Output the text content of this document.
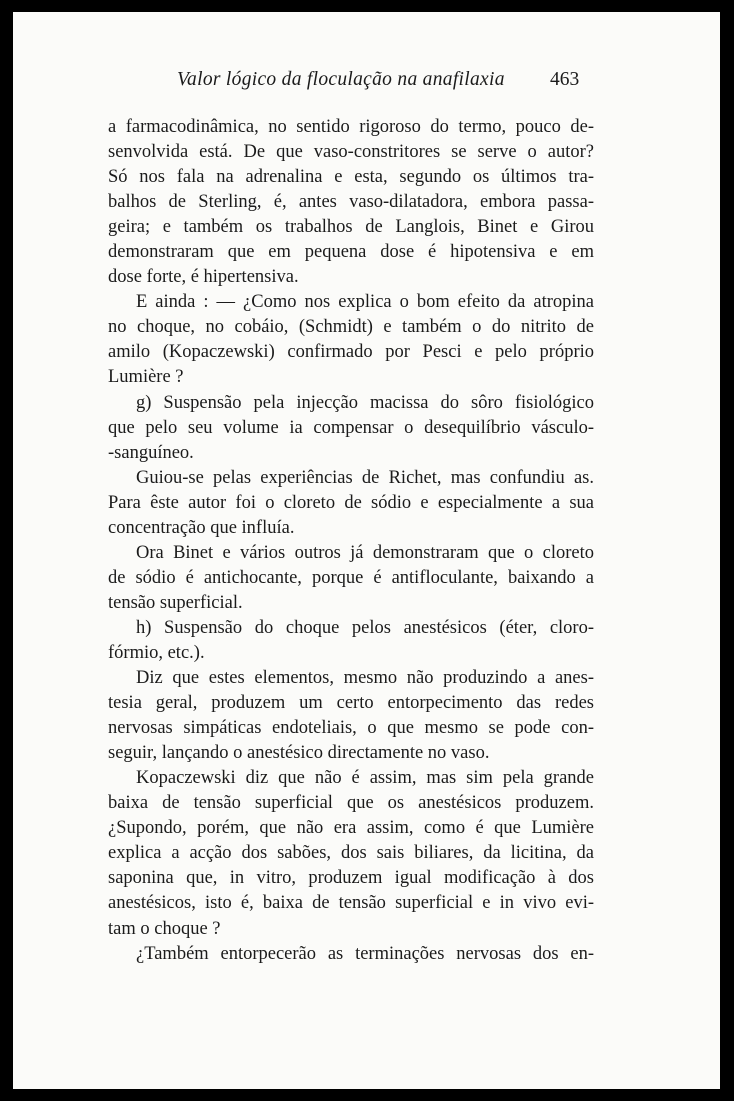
Valor lógico da floculação na anafilaxia 463
a farmacodinâmica, no sentido rigoroso do termo, pouco de-
senvolvida está. De que vaso-constritores se serve o autor?
Só nos fala na adrenalina e esta, segundo os últimos tra-
balhos de Sterling, é, antes vaso-dilatadora, embora passa-
geira; e também os trabalhos de Langlois, Binet e Girou
demonstraram que em pequena dose é hipotensiva e em
dose forte, é hipertensiva.
E ainda : — ¿Como nos explica o bom efeito da atropina
no choque, no cobáio, (Schmidt) e também o do nitrito de
amilo (Kopaczewski) confirmado por Pesci e pelo próprio
Lumière ?
g) Suspensão pela injecção macissa do sôro fisiológico
que pelo seu volume ia compensar o desequilíbrio vásculo-
-sanguíneo.
Guiou-se pelas experiências de Richet, mas confundiu as.
Para êste autor foi o cloreto de sódio e especialmente a sua
concentração que influía.
Ora Binet e vários outros já demonstraram que o cloreto
de sódio é antichocante, porque é antifloculante, baixando a
tensão superficial.
h) Suspensão do choque pelos anestésicos (éter, cloro-
fórmio, etc.).
Diz que estes elementos, mesmo não produzindo a anes-
tesia geral, produzem um certo entorpecimento das redes
nervosas simpáticas endoteliais, o que mesmo se pode con-
seguir, lançando o anestésico directamente no vaso.
Kopaczewski diz que não é assim, mas sim pela grande
baixa de tensão superficial que os anestésicos produzem.
¿Supondo, porém, que não era assim, como é que Lumière
explica a acção dos sabões, dos sais biliares, da licitina, da
saponina que, in vitro, produzem igual modificação à dos
anestésicos, isto é, baixa de tensão superficial e in vivo evi-
tam o choque ?
¿Também entorpecerão as terminações nervosas dos en-
